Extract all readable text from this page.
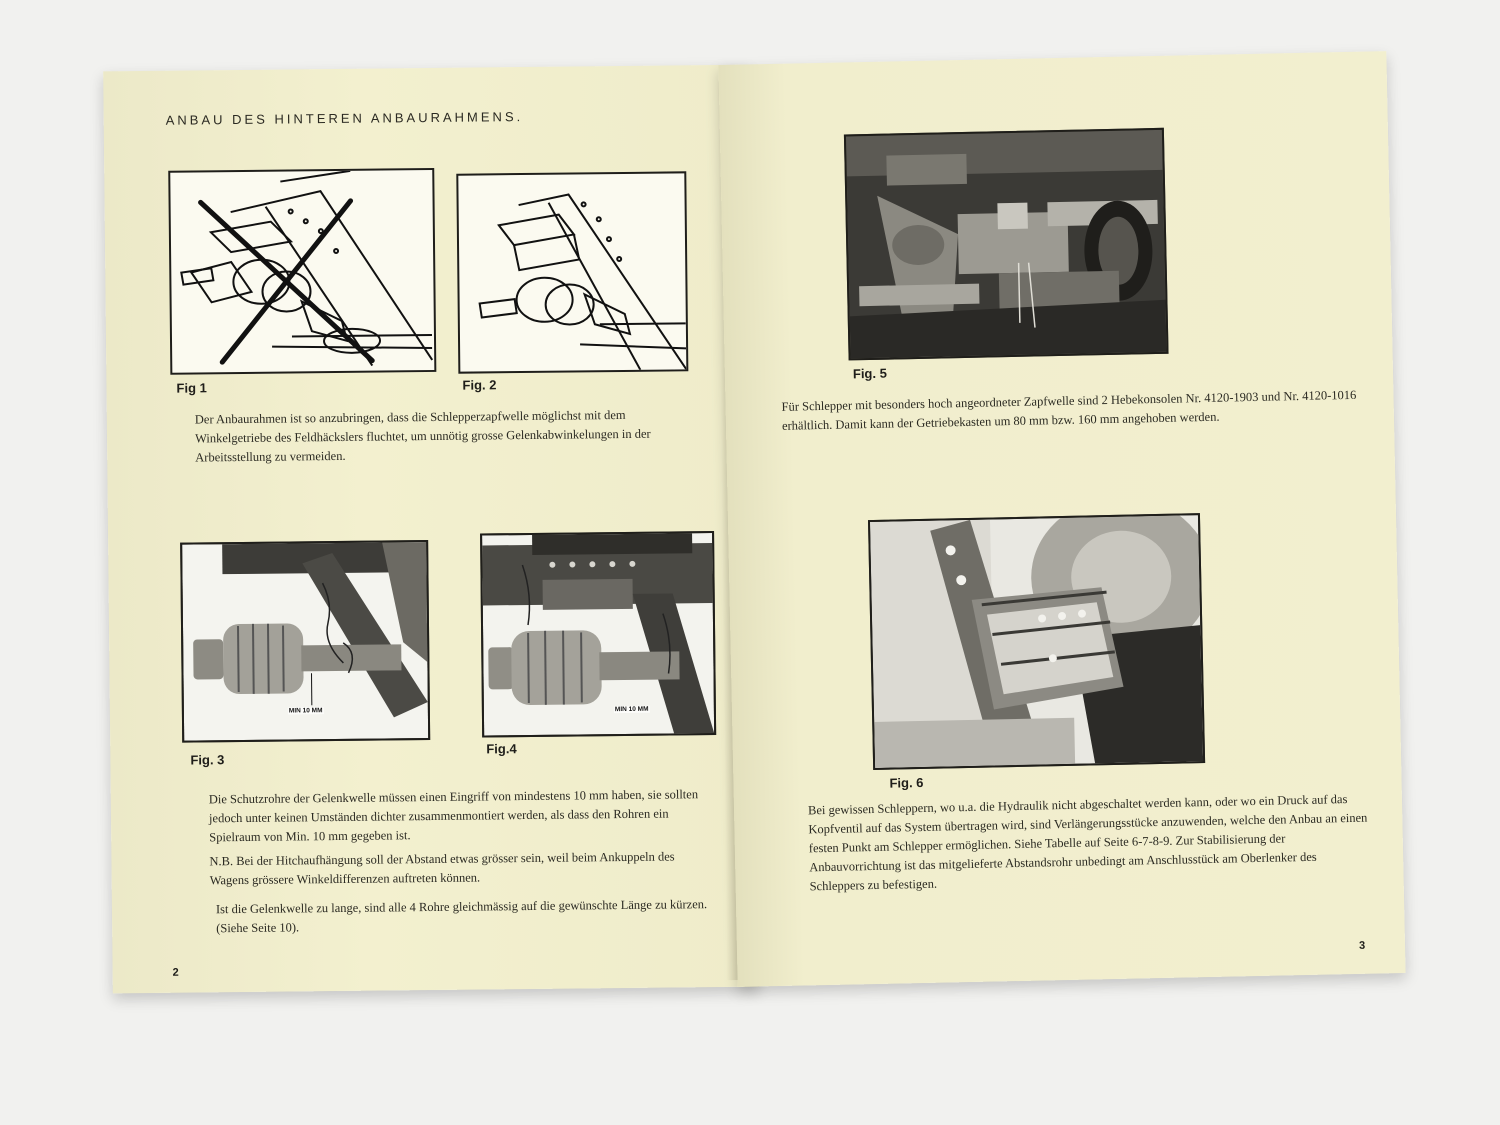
ANBAU DES HINTEREN ANBAURAHMENS.
Fig 1	Fig. 2
Der Anbaurahmen ist so anzubringen, dass die Schlepperzapfwelle möglichst mit dem Winkelgetriebe des Feldhäckslers fluchtet, um unnötig grosse Gelenkabwinkelungen in der Arbeitsstellung zu vermeiden.
MIN 10 MM
Fig. 3
MIN 10 MM
Fig.4
Die Schutzrohre der Gelenkwelle müssen einen Eingriff von mindestens 10 mm haben, sie sollten jedoch unter keinen Umständen dichter zusammenmontiert werden, als dass den Rohren ein Spielraum von Min. 10 mm gegeben ist.
N.B. Bei der Hitchaufhängung soll der Abstand etwas grösser sein, weil beim Ankuppeln des Wagens grössere Winkeldifferenzen auftreten können.
Ist die Gelenkwelle zu lange, sind alle 4 Rohre gleichmässig auf die gewünschte Länge zu kürzen. (Siehe Seite 10).
2
Fig. 5
Für Schlepper mit besonders hoch angeordneter Zapfwelle sind 2 Hebekonsolen Nr. 4120-1903 und Nr. 4120-1016 erhältlich. Damit kann der Getriebekasten um 80 mm bzw. 160 mm angehoben werden.
Fig. 6
Bei gewissen Schleppern, wo u.a. die Hydraulik nicht abgeschaltet werden kann, oder wo ein Druck auf das Kopfventil auf das System übertragen wird, sind Verlängerungsstücke anzuwenden, welche den Anbau an einen festen Punkt am Schlepper ermöglichen. Siehe Tabelle auf Seite 6-7-8-9. Zur Stabilisierung der Anbauvorrichtung ist das mitgelieferte Abstandsrohr unbedingt am Anschlusstück am Oberlenker des Schleppers zu befestigen.
3
